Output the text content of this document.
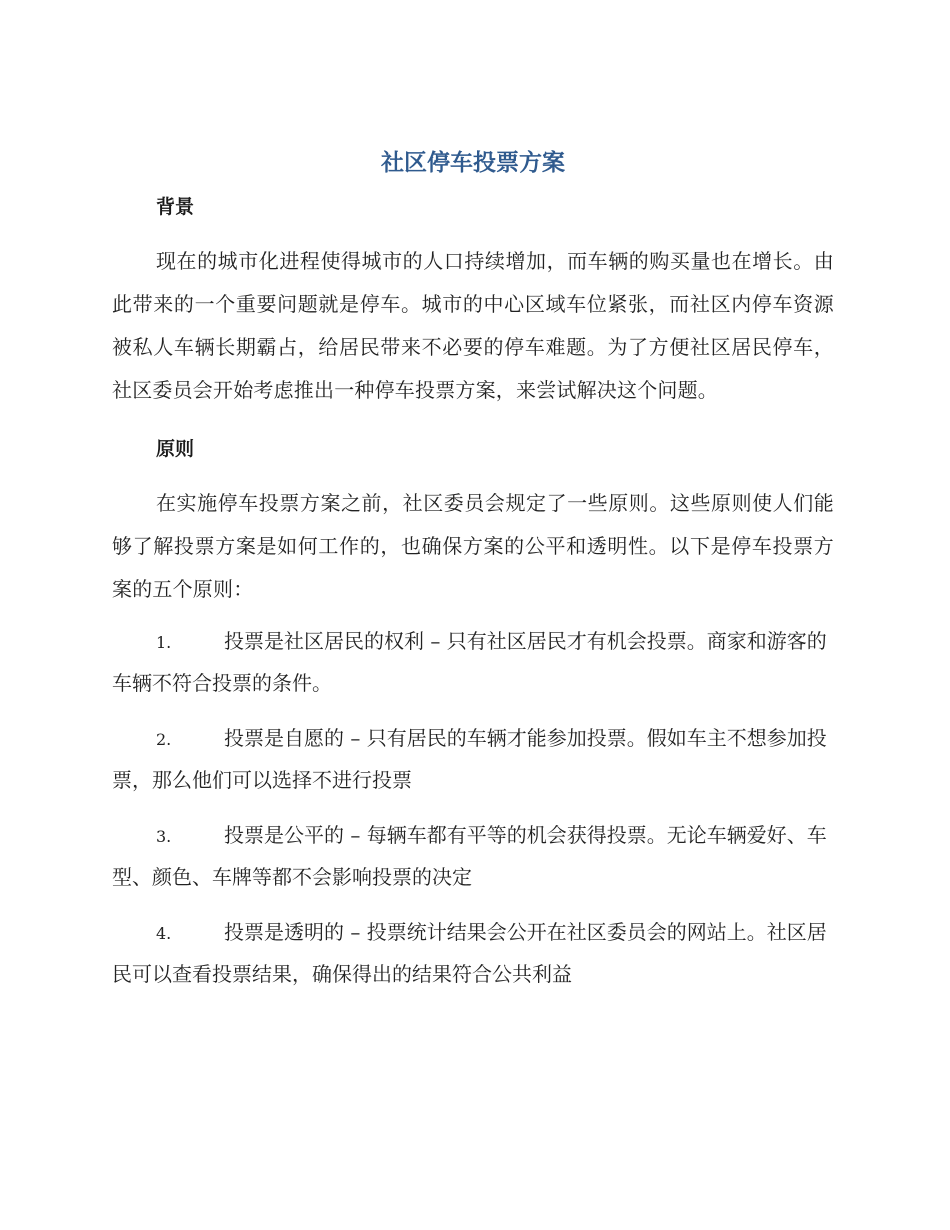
社区停车投票方案
背景

现在的城市化进程使得城市的人口持续增加，而车辆的购买量也在增长。由此带来的一个重要问题就是停车。城市的中心区域车位紧张，而社区内停车资源被私人车辆长期霸占，给居民带来不必要的停车难题。为了方便社区居民停车，社区委员会开始考虑推出一种停车投票方案，来尝试解决这个问题。

原则

在实施停车投票方案之前，社区委员会规定了一些原则。这些原则使人们能够了解投票方案是如何工作的，也确保方案的公平和透明性。以下是停车投票方案的五个原则：

1.	投票是社区居民的权利 – 只有社区居民才有机会投票。商家和游客的车辆不符合投票的条件。

2.	投票是自愿的 – 只有居民的车辆才能参加投票。假如车主不想参加投票，那么他们可以选择不进行投票

3.	投票是公平的 – 每辆车都有平等的机会获得投票。无论车辆爱好、车型、颜色、车牌等都不会影响投票的决定

4.	投票是透明的 – 投票统计结果会公开在社区委员会的网站上。社区居民可以查看投票结果，确保得出的结果符合公共利益
